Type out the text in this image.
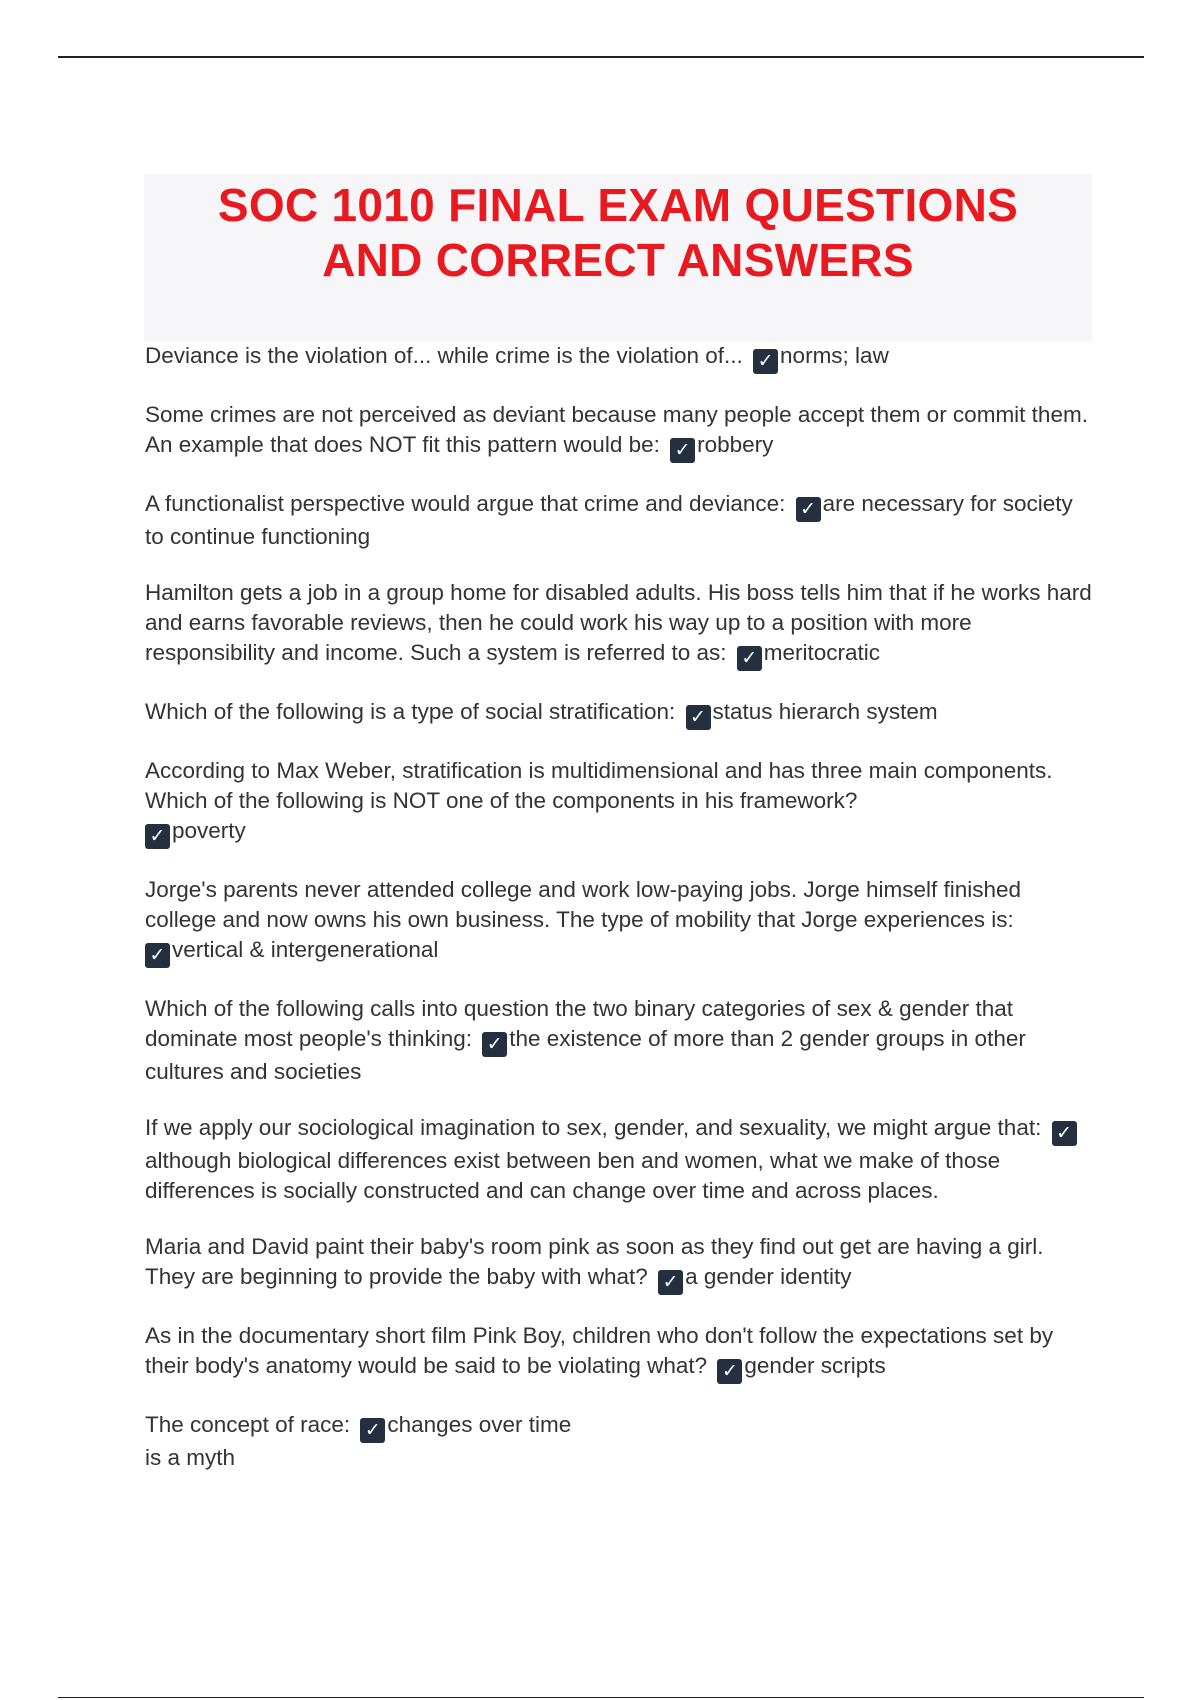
SOC 1010 FINAL EXAM QUESTIONS
AND CORRECT ANSWERS

Deviance is the violation of... while crime is the violation of... ✓ norms; law

Some crimes are not perceived as deviant because many people accept them or commit them. An example that does NOT fit this pattern would be: ✓ robbery

A functionalist perspective would argue that crime and deviance: ✓ are necessary for society to continue functioning

Hamilton gets a job in a group home for disabled adults. His boss tells him that if he works hard and earns favorable reviews, then he could work his way up to a position with more responsibility and income. Such a system is referred to as: ✓ meritocratic

Which of the following is a type of social stratification: ✓ status hierarch system

According to Max Weber, stratification is multidimensional and has three main components. Which of the following is NOT one of the components in his framework?
✓ poverty

Jorge's parents never attended college and work low-paying jobs. Jorge himself finished college and now owns his own business. The type of mobility that Jorge experiences is:
✓ vertical & intergenerational

Which of the following calls into question the two binary categories of sex & gender that dominate most people's thinking: ✓ the existence of more than 2 gender groups in other cultures and societies

If we apply our sociological imagination to sex, gender, and sexuality, we might argue that: ✓although biological differences exist between ben and women, what we make of those differences is socially constructed and can change over time and across places.

Maria and David paint their baby's room pink as soon as they find out get are having a girl. They are beginning to provide the baby with what? ✓ a gender identity

As in the documentary short film Pink Boy, children who don't follow the expectations set by their body's anatomy would be said to be violating what? ✓ gender scripts

The concept of race: ✓ changes over time
is a myth
